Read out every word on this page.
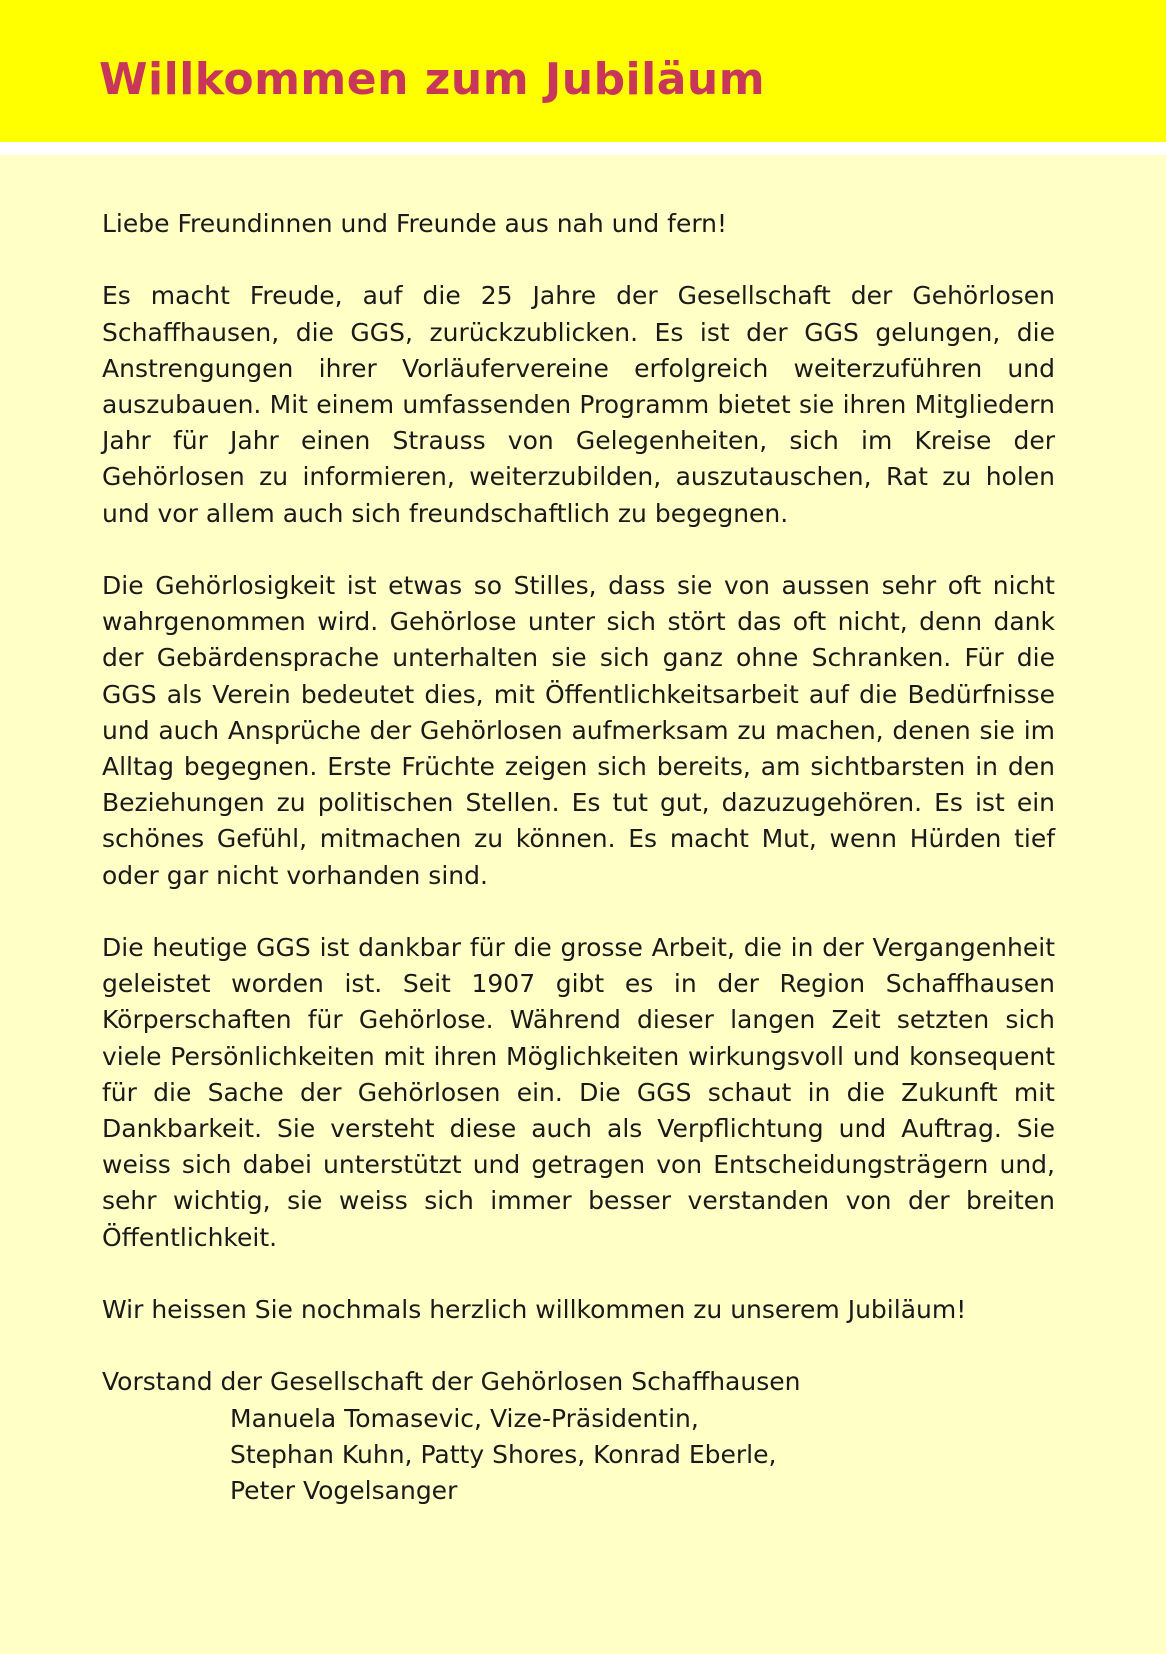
Willkommen zum Jubiläum

Liebe Freundinnen und Freunde aus nah und fern!

Es macht Freude, auf die 25 Jahre der Gesellschaft der Gehörlosen Schaffhausen, die GGS, zurückzublicken. Es ist der GGS gelungen, die Anstrengungen ihrer Vorläufervereine erfolgreich weiterzuführen und auszubauen. Mit einem umfassenden Programm bietet sie ihren Mitgliedern Jahr für Jahr einen Strauss von Gelegenheiten, sich im Kreise der Gehörlosen zu informieren, weiterzubilden, auszutauschen, Rat zu holen und vor allem auch sich freundschaftlich zu begegnen.

Die Gehörlosigkeit ist etwas so Stilles, dass sie von aussen sehr oft nicht wahrgenommen wird. Gehörlose unter sich stört das oft nicht, denn dank der Gebärdensprache unterhalten sie sich ganz ohne Schranken. Für die GGS als Verein bedeutet dies, mit Öffentlichkeitsarbeit auf die Bedürfnisse und auch Ansprüche der Gehörlosen aufmerksam zu machen, denen sie im Alltag begegnen. Erste Früchte zeigen sich bereits, am sichtbarsten in den Beziehungen zu politischen Stellen. Es tut gut, dazuzugehören. Es ist ein schönes Gefühl, mitmachen zu können. Es macht Mut, wenn Hürden tief oder gar nicht vorhanden sind.

Die heutige GGS ist dankbar für die grosse Arbeit, die in der Vergangenheit geleistet worden ist. Seit 1907 gibt es in der Region Schaffhausen Körperschaften für Gehörlose. Während dieser langen Zeit setzten sich viele Persönlichkeiten mit ihren Möglichkeiten wirkungsvoll und konsequent für die Sache der Gehörlosen ein. Die GGS schaut in die Zukunft mit Dankbarkeit. Sie versteht diese auch als Verpflichtung und Auftrag. Sie weiss sich dabei unterstützt und getragen von Entscheidungsträgern und, sehr wichtig, sie weiss sich immer besser verstanden von der breiten Öffentlichkeit.

Wir heissen Sie nochmals herzlich willkommen zu unserem Jubiläum!

Vorstand der Gesellschaft der Gehörlosen Schaffhausen
Manuela Tomasevic, Vize-Präsidentin,
Stephan Kuhn, Patty Shores, Konrad Eberle,
Peter Vogelsanger
